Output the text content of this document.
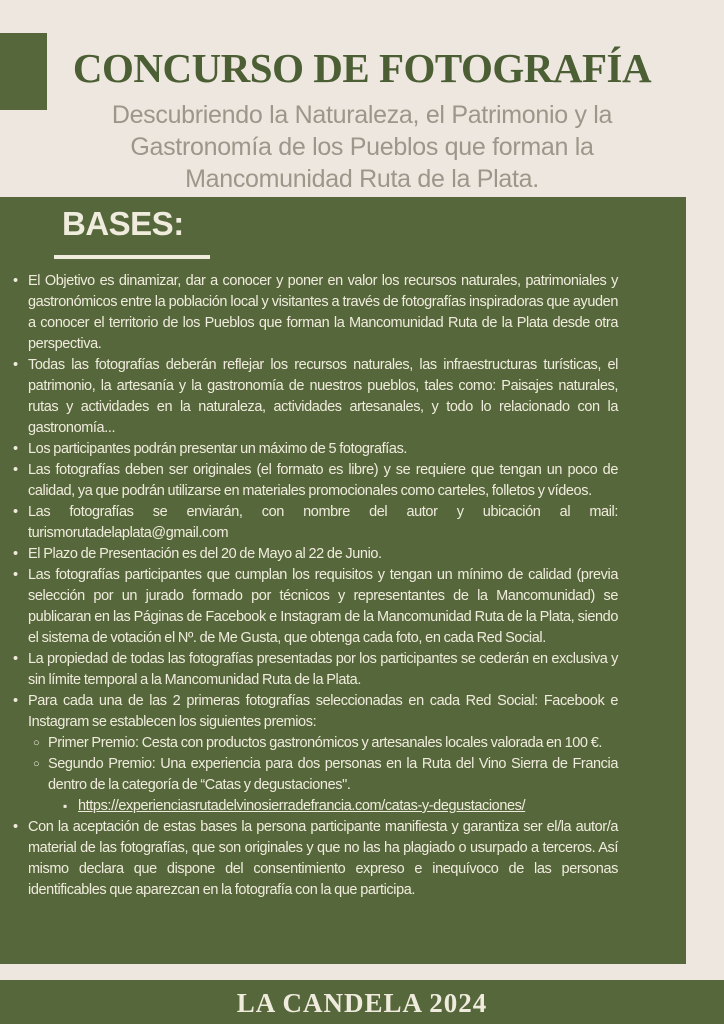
CONCURSO DE FOTOGRAFÍA
Descubriendo la Naturaleza, el Patrimonio y la
Gastronomía de los Pueblos que forman la
Mancomunidad Ruta de la Plata.
BASES:
• El Objetivo es dinamizar, dar a conocer y poner en valor los recursos naturales, patrimoniales y gastronómicos entre la población local y visitantes a través de fotografías inspiradoras que ayuden a conocer el territorio de los Pueblos que forman la Mancomunidad Ruta de la Plata desde otra perspectiva.
• Todas las fotografías deberán reflejar los recursos naturales, las infraestructuras turísticas, el patrimonio, la artesanía y la gastronomía de nuestros pueblos, tales como: Paisajes naturales, rutas y actividades en la naturaleza, actividades artesanales, y todo lo relacionado con la gastronomía...
• Los participantes podrán presentar un máximo de 5 fotografías.
• Las fotografías deben ser originales (el formato es libre) y se requiere que tengan un poco de calidad, ya que podrán utilizarse en materiales promocionales como carteles, folletos y vídeos.
• Las fotografías se enviarán, con nombre del autor y ubicación al mail: turismorutadelaplata@gmail.com
• El Plazo de Presentación es del 20 de Mayo al 22 de Junio.
• Las fotografías participantes que cumplan los requisitos y tengan un mínimo de calidad (previa selección por un jurado formado por técnicos y representantes de la Mancomunidad) se publicaran en las Páginas de Facebook e Instagram de la Mancomunidad Ruta de la Plata, siendo el sistema de votación el Nº. de Me Gusta, que obtenga cada foto, en cada Red Social.
• La propiedad de todas las fotografías presentadas por los participantes se cederán en exclusiva y sin límite temporal a la Mancomunidad Ruta de la Plata.
• Para cada una de las 2 primeras fotografías seleccionadas en cada Red Social: Facebook e Instagram se establecen los siguientes premios:
○ Primer Premio: Cesta con productos gastronómicos y artesanales locales valorada en 100 €.
○ Segundo Premio: Una experiencia para dos personas en la Ruta del Vino Sierra de Francia dentro de la categoría de “Catas y degustaciones".
▪ https://experienciasrutadelvinosierradefrancia.com/catas-y-degustaciones/
• Con la aceptación de estas bases la persona participante manifiesta y garantiza ser el/la autor/a material de las fotografías, que son originales y que no las ha plagiado o usurpado a terceros. Así mismo declara que dispone del consentimiento expreso e inequívoco de las personas identificables que aparezcan en la fotografía con la que participa.
LA CANDELA 2024
